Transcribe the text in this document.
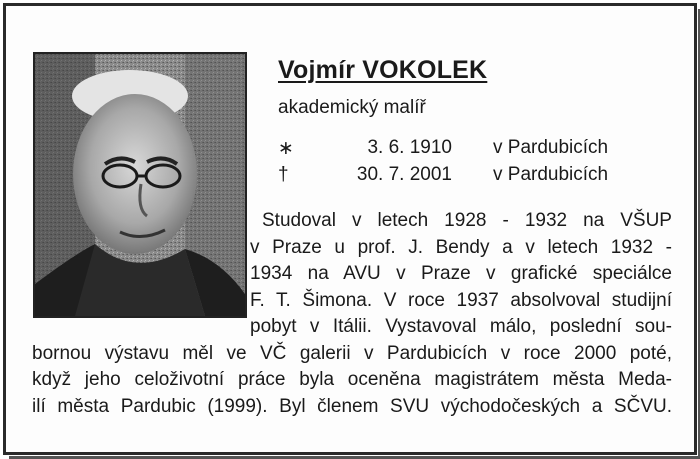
Vojmír VOKOLEK
akademický malíř
∗	3. 6. 1910 v Pardubicích
†	30. 7. 2001 v Pardubicích

Studoval v letech 1928 - 1932 na VŠUP

v Praze u prof. J. Bendy a v letech 1932 -

1934 na AVU v Praze v grafické speciálce

F. T. Šimona. V roce 1937 absolvoval studijní

pobyt v Itálii. Vystavoval málo, poslední sou-

bornou výstavu měl ve VČ galerii v Pardubicích v roce 2000 poté,

když jeho celoživotní práce byla oceněna magistrátem města Meda-

ilí města Pardubic (1999). Byl členem SVU východočeských a SČVU.
